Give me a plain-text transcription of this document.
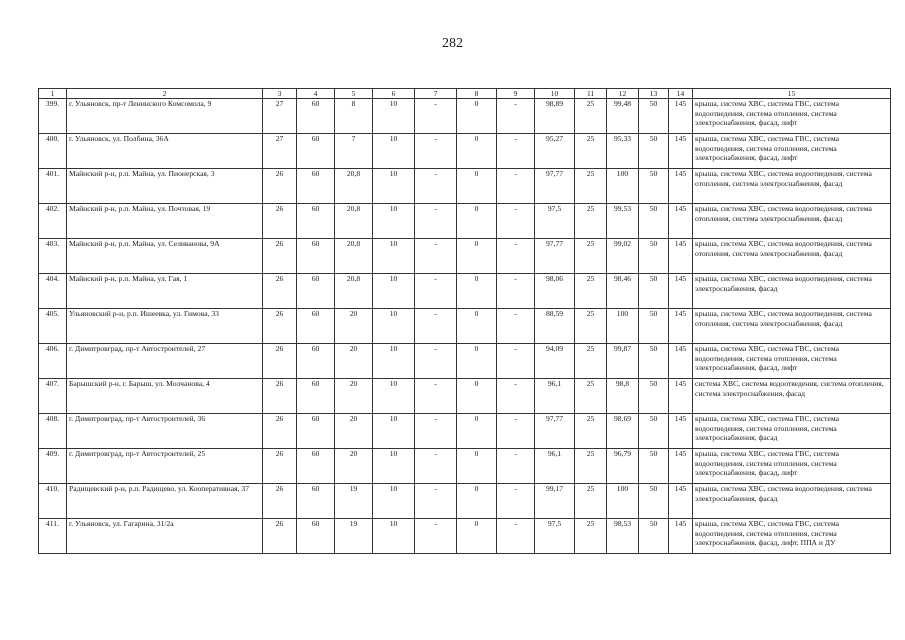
282
1	2	3	4	5	6	7	8	9	10	11	12	13	14	15
399.	г. Ульяновск, пр-т Ленинского Комсомола, 9	27	60	8	10	-	0	-	98,89	25	99,48	50	145	крыша, система ХВС, система ГВС, система водоотведения, система отопления, система электроснабжения, фасад, лифт
400.	г. Ульяновск, ул. Полбина, 36А	27	60	7	10	-	0	-	95,27	25	95,33	50	145	крыша, система ХВС, система ГВС, система водоотведения, система отопления, система электроснабжения, фасад, лифт
401.	Майнский р-н, р.п. Майна, ул. Пионерская, 3	26	60	20,8	10	-	0	-	97,77	25	100	50	145	крыша, система ХВС, система водоотведения, система отопления, система электроснабжения, фасад
402.	Майнский р-н, р.п. Майна, ул. Почтовая, 19	26	60	20,8	10	-	0	-	97,5	25	99,53	50	145	крыша, система ХВС, система водоотведения, система отопления, система электроснабжения, фасад
403.	Майнский р-н, р.п. Майна, ул. Селиванова, 9А	26	60	20,8	10	-	0	-	97,77	25	99,02	50	145	крыша, система ХВС, система водоотведения, система отопления, система электроснабжения, фасад
404.	Майнский р-н, р.п. Майна, ул. Гая, 1	26	60	20,8	10	-	0	-	98,06	25	98,46	50	145	крыша, система ХВС, система водоотведения, система электроснабжения, фасад
405.	Ульяновский р-н, р.п. Ишеевка, ул. Гимова, 33	26	60	20	10	-	0	-	88,59	25	100	50	145	крыша, система ХВС, система водоотведения, система отопления, система электроснабжения, фасад
406.	г. Димитровград, пр-т Автостроителей, 27	26	60	20	10	-	0	-	94,09	25	99,87	50	145	крыша, система ХВС, система ГВС, система водоотведения, система отопления, система электроснабжения, фасад, лифт
407.	Барышский р-н, г. Барыш, ул. Молчанова, 4	26	60	20	10	-	0	-	96,1	25	98,8	50	145	система ХВС, система водоотведения, система отопления, система электроснабжения, фасад
408.	г. Димитровград, пр-т Автостроителей, 36	26	60	20	10	-	0	-	97,77	25	98,69	50	145	крыша, система ХВС, система ГВС, система водоотведения, система отопления, система электроснабжения, фасад
409.	г. Димитровград, пр-т Автостроителей, 25	26	60	20	10	-	0	-	96,1	25	96,79	50	145	крыша, система ХВС, система ГВС, система водоотведения, система отопления, система электроснабжения, фасад, лифт
410.	Радищевский р-н, р.п. Радищево, ул. Кооперативная, 37	26	60	19	10	-	0	-	99,17	25	100	50	145	крыша, система ХВС, система водоотведения, система электроснабжения, фасад
411.	г. Ульяновск, ул. Гагарина, 31/2а	26	60	19	10	-	0	-	97,5	25	98,53	50	145	крыша, система ХВС, система ГВС, система водоотведения, система отопления, система электроснабжения, фасад, лифт, ППА и ДУ
